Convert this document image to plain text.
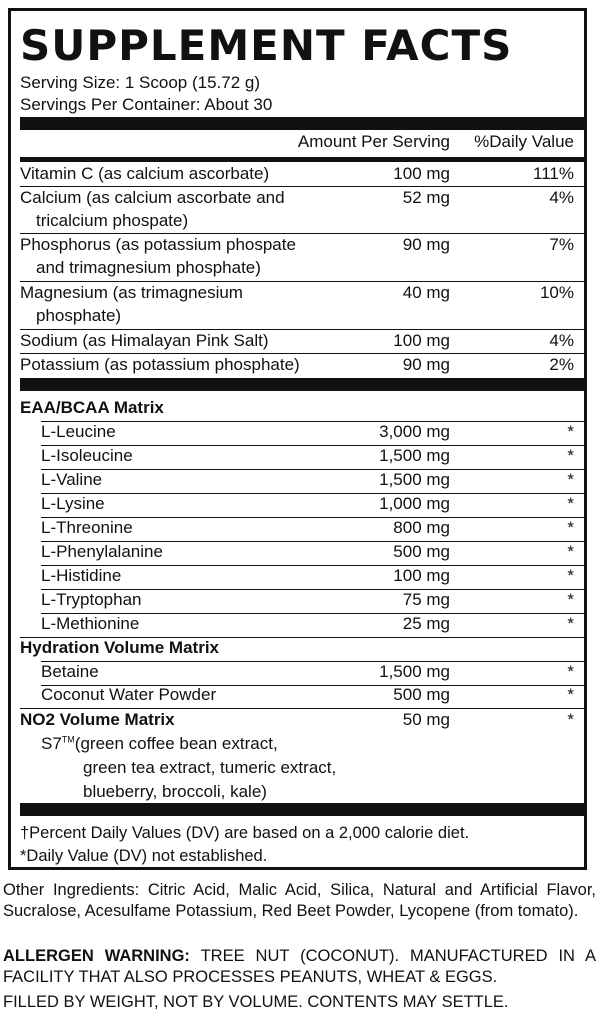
SUPPLEMENT FACTS
Serving Size: 1 Scoop (15.72 g)
Servings Per Container: About 30
Amount Per Serving %Daily Value
Vitamin C (as calcium ascorbate)	100 mg	111%
Calcium (as calcium ascorbate and
tricalcium phospate)
52 mg	4%
Phosphorus (as potassium phospate
and trimagnesium phosphate)
90 mg	7%
Magnesium (as trimagnesium
phosphate)
40 mg	10%
Sodium (as Himalayan Pink Salt)	100 mg	4%
Potassium (as potassium phosphate)	90 mg	2%
EAA/BCAA Matrix
L-Leucine	3,000 mg	*
L-Isoleucine	1,500 mg	*
L-Valine	1,500 mg	*
L-Lysine	1,000 mg	*
L-Threonine	800 mg	*
L-Phenylalanine	500 mg	*
L-Histidine	100 mg	*
L-Tryptophan	75 mg	*
L-Methionine	25 mg	*
Hydration Volume Matrix
Betaine	1,500 mg	*
Coconut Water Powder	500 mg	*
NO2 Volume Matrix	50 mg	*
S7™(green coffee bean extract,
green tea extract, tumeric extract,
blueberry, broccoli, kale)
†Percent Daily Values (DV) are based on a 2,000 calorie diet.
*Daily Value (DV) not established.
Other Ingredients: Citric Acid, Malic Acid, Silica, Natural and Artificial Flavor, Sucralose, Acesulfame Potassium, Red Beet Powder, Lycopene (from tomato).
ALLERGEN WARNING: TREE NUT (COCONUT). MANUFACTURED IN A FACILITY THAT ALSO PROCESSES PEANUTS, WHEAT & EGGS.
FILLED BY WEIGHT, NOT BY VOLUME. CONTENTS MAY SETTLE.
